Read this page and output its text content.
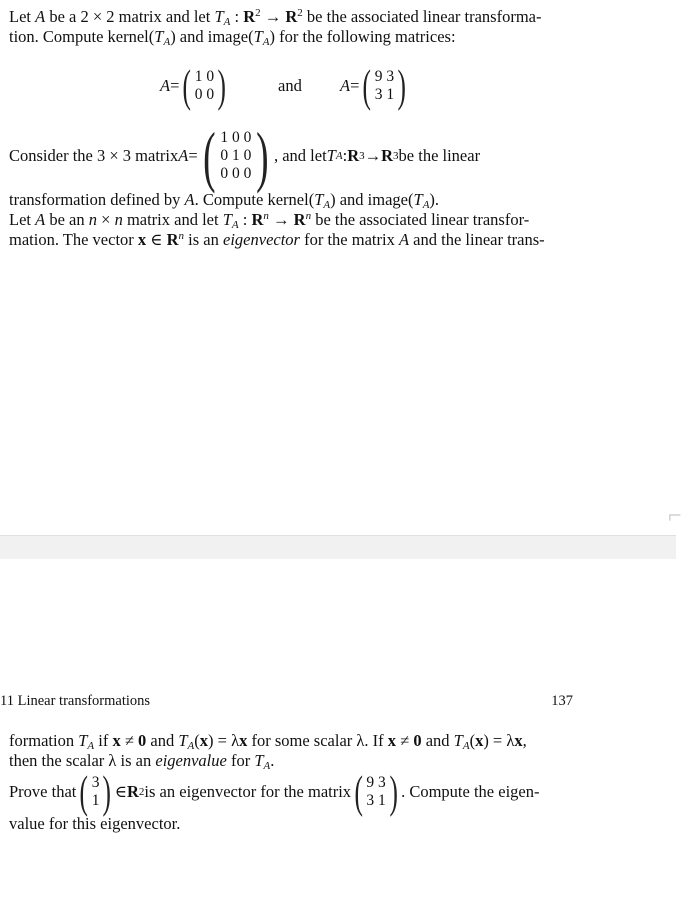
⌐
Let A be a 2 × 2 matrix and let $T_A$ : $R^2 \to R^2$ be the associated linear transforma-
tion. Compute $kernel(T_A)$ and $image(T_A)$ for the following matrices:
A = ( 1 0
0 0 )	and A = ( 9 3
3 1 )
Consider the 3 × 3 matrix A = ( 1 0 0
0 1 0
0 0 0 ) , and let T A : R 3 → R 3 be the linear
transformation defined by A. Compute $kernel(T_A)$ and $image(T_A)$.
Let A be an n × n matrix and let $T_A$ : $R^n \to R^n$ be the associated linear transfor-
mation. The vector x ∈ $R^n$ is an eigenvector for the matrix A and the linear trans-
11 Linear transformations	137
formation $T_A$ if x ≠ 0 and $T_A(x) = \lambda x$ for some scalar λ. If x ≠ 0 and $T_A(x) = \lambda x$,
then the scalar λ is an eigenvalue for $T_A$.
Prove that ( 3
1 ) ∈ R 2 is an eigenvector for the matrix ( 9 3
3 1 ) . Compute the eigen-
value for this eigenvector.
